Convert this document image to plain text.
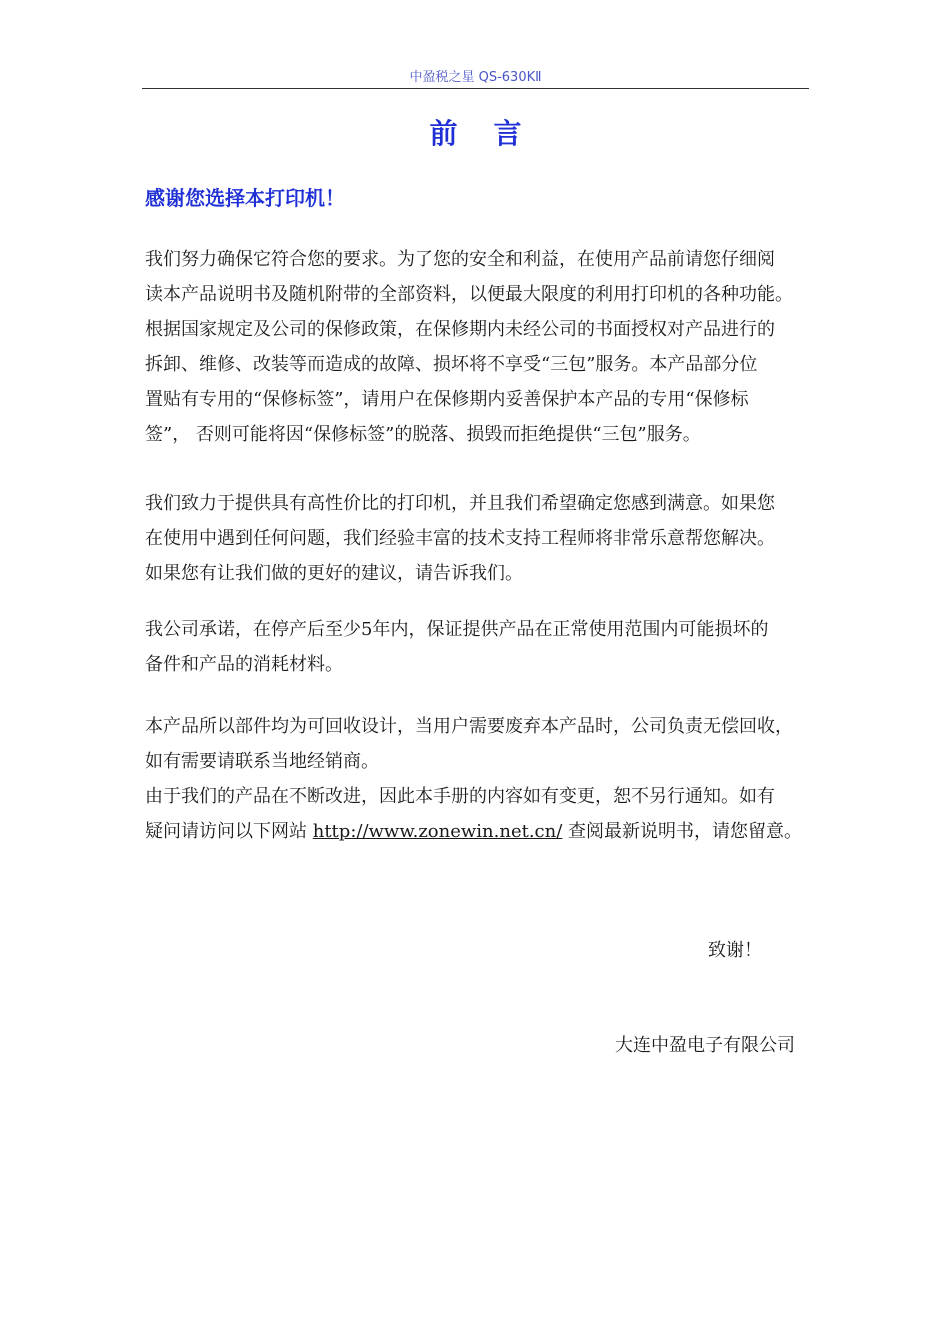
中盈税之星 QS-630KⅡ
前言
感谢您选择本打印机！

我们努力确保它符合您的要求。为了您的安全和利益，在使用产品前请您仔细阅
读本产品说明书及随机附带的全部资料，以便最大限度的利用打印机的各种功能。
根据国家规定及公司的保修政策，在保修期内未经公司的书面授权对产品进行的
拆卸、维修、改装等而造成的故障、损坏将不享受“三包”服务。本产品部分位
置贴有专用的“保修标签”，请用户在保修期内妥善保护本产品的专用“保修标
签”， 否则可能将因“保修标签”的脱落、损毁而拒绝提供“三包”服务。

我们致力于提供具有高性价比的打印机，并且我们希望确定您感到满意。如果您
在使用中遇到任何问题，我们经验丰富的技术支持工程师将非常乐意帮您解决。
如果您有让我们做的更好的建议，请告诉我们。

我公司承诺，在停产后至少5年内，保证提供产品在正常使用范围内可能损坏的
备件和产品的消耗材料。

本产品所以部件均为可回收设计，当用户需要废弃本产品时，公司负责无偿回收，
如有需要请联系当地经销商。
由于我们的产品在不断改进，因此本手册的内容如有变更，恕不另行通知。如有
疑问请访问以下网站 http://www.zonewin.net.cn/ 查阅最新说明书，请您留意。

致谢！
大连中盈电子有限公司
